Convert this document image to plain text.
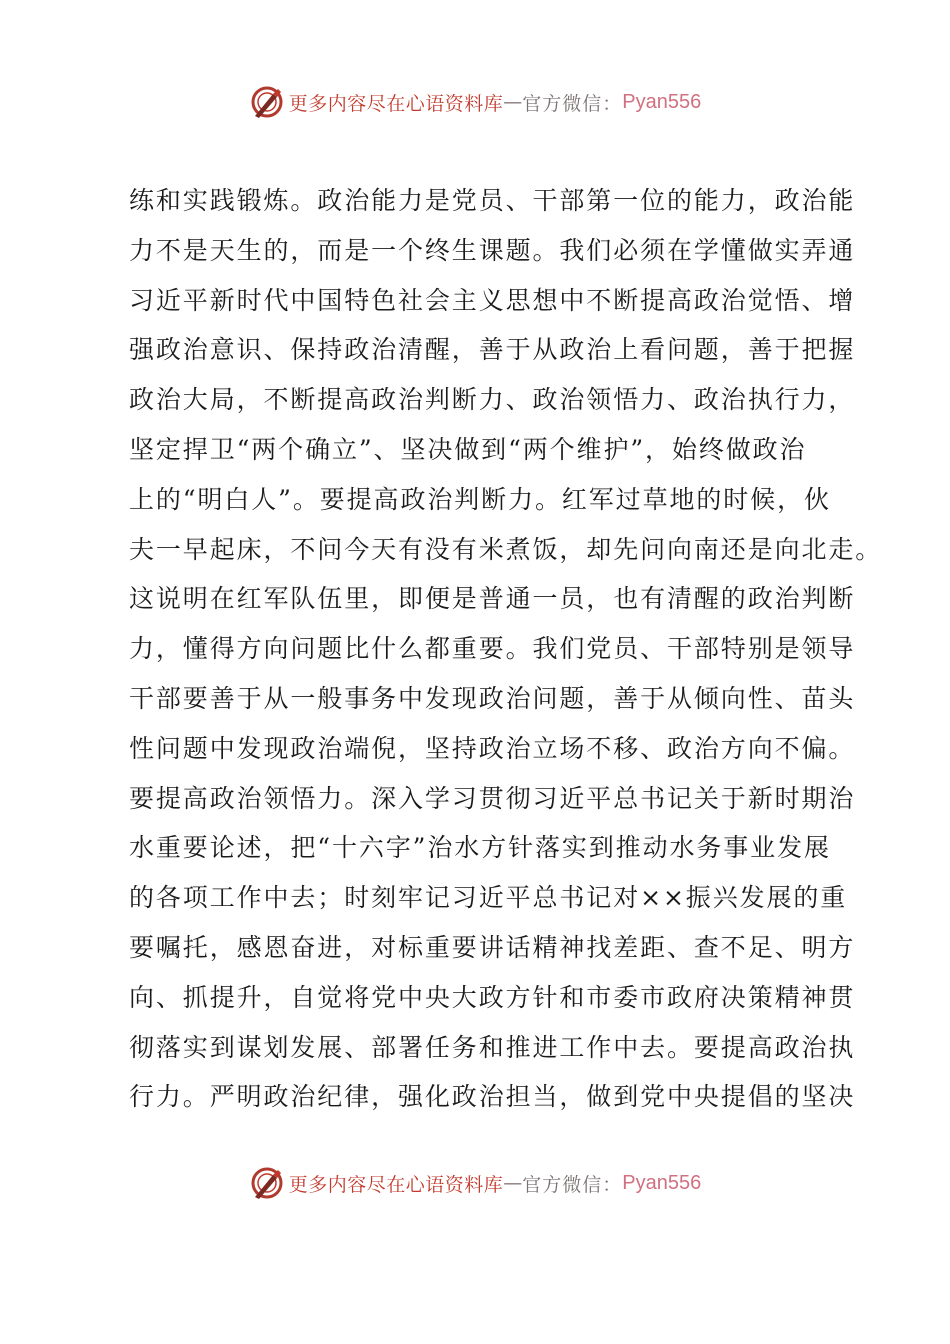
更多内容尽在心语资料库 — 官方微信： Pyan556
练和实践锻炼。政治能力是党员、干部第一位的能力，政治能
力不是天生的，而是一个终生课题。我们必须在学懂做实弄通
习近平新时代中国特色社会主义思想中不断提高政治觉悟、增
强政治意识、保持政治清醒，善于从政治上看问题，善于把握
政治大局，不断提高政治判断力、政治领悟力、政治执行力，
坚定捍卫“两个确立”、坚决做到“两个维护”，始终做政治
上的“明白人”。要提高政治判断力。红军过草地的时候，伙
夫一早起床，不问今天有没有米煮饭，却先问向南还是向北走。
这说明在红军队伍里，即便是普通一员，也有清醒的政治判断
力，懂得方向问题比什么都重要。我们党员、干部特别是领导
干部要善于从一般事务中发现政治问题，善于从倾向性、苗头
性问题中发现政治端倪，坚持政治立场不移、政治方向不偏。
要提高政治领悟力。深入学习贯彻习近平总书记关于新时期治
水重要论述，把“十六字”治水方针落实到推动水务事业发展
的各项工作中去；时刻牢记习近平总书记对××振兴发展的重
要嘱托，感恩奋进，对标重要讲话精神找差距、查不足、明方
向、抓提升，自觉将党中央大政方针和市委市政府决策精神贯
彻落实到谋划发展、部署任务和推进工作中去。要提高政治执
行力。严明政治纪律，强化政治担当，做到党中央提倡的坚决
更多内容尽在心语资料库 — 官方微信： Pyan556
